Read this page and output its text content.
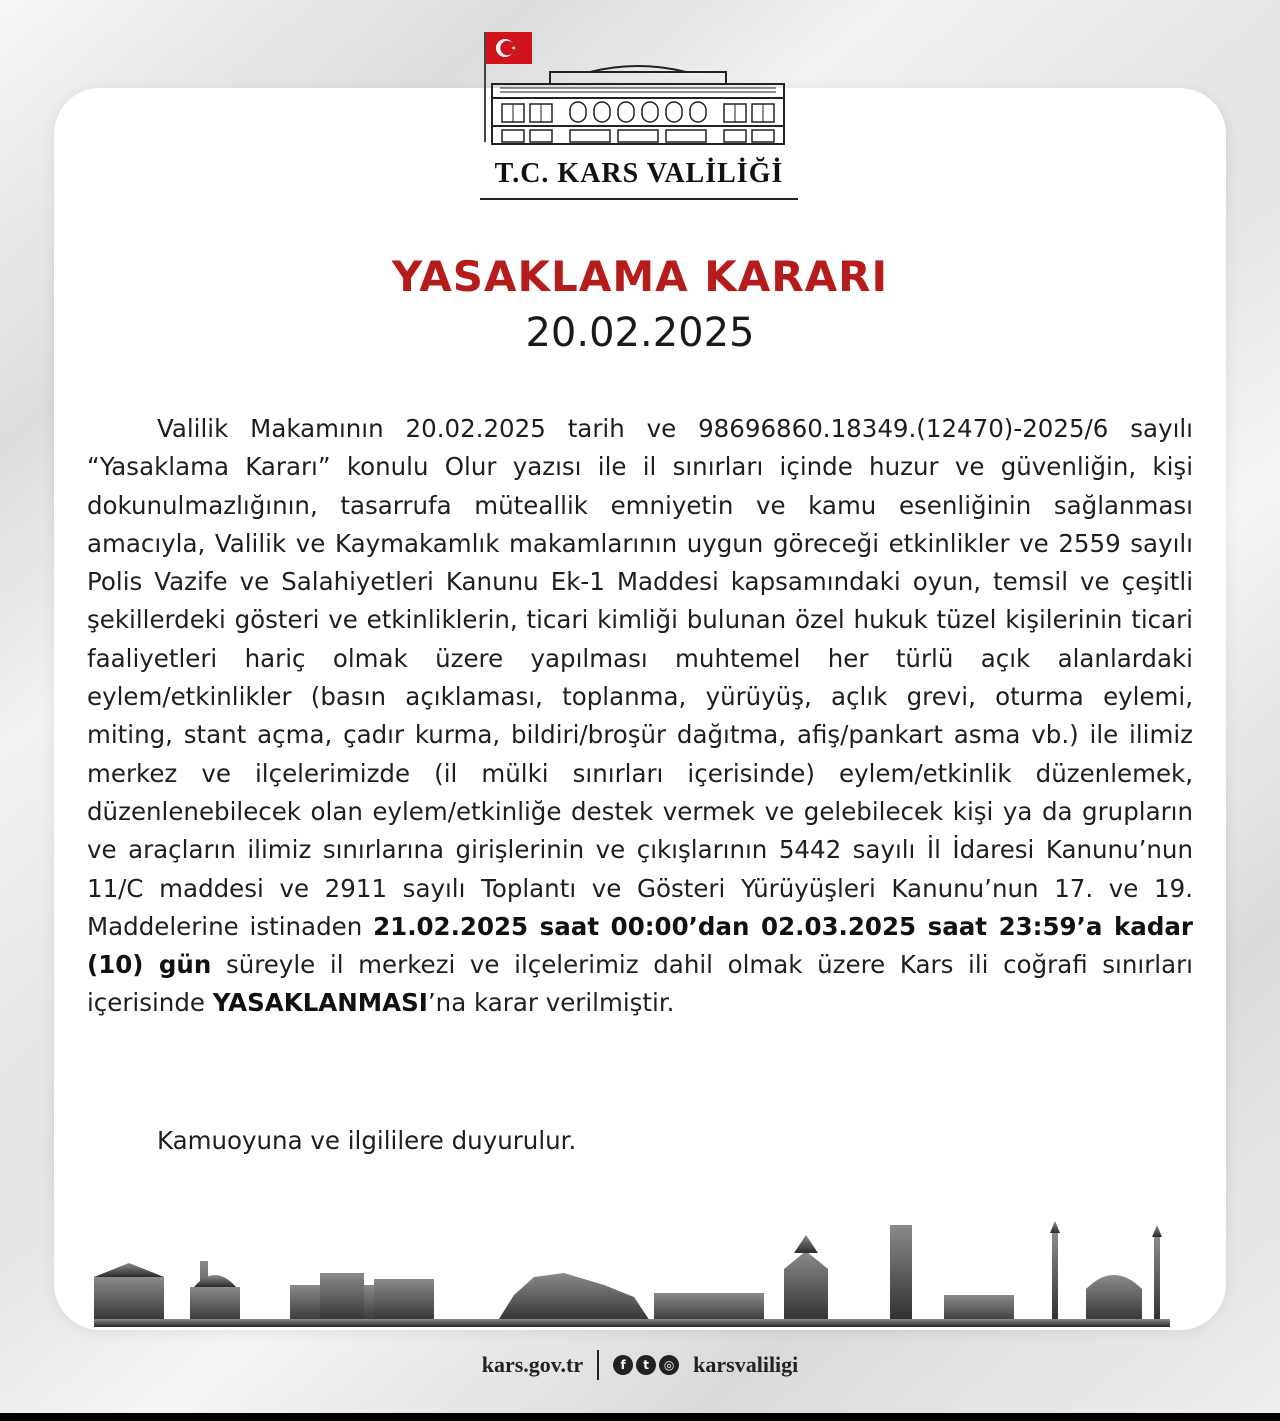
T.C. KARS VALİLİĞİ
YASAKLAMA KARARI
20.02.2025
Valilik Makamının 20.02.2025 tarih ve 98696860.18349.(12470)-2025/6 sayılı “Yasaklama Kararı” konulu Olur yazısı ile il sınırları içinde huzur ve güvenliğin, kişi dokunulmazlığının, tasarrufa müteallik emniyetin ve kamu esenliğinin sağlanması amacıyla, Valilik ve Kaymakamlık makamlarının uygun göreceği etkinlikler ve 2559 sayılı Polis Vazife ve Salahiyetleri Kanunu Ek-1 Maddesi kapsamındaki oyun, temsil ve çeşitli şekillerdeki gösteri ve etkinliklerin, ticari kimliği bulunan özel hukuk tüzel kişilerinin ticari faaliyetleri hariç olmak üzere yapılması muhtemel her türlü açık alanlardaki eylem/etkinlikler (basın açıklaması, toplanma, yürüyüş, açlık grevi, oturma eylemi, miting, stant açma, çadır kurma, bildiri/broşür dağıtma, afiş/pankart asma vb.) ile ilimiz merkez ve ilçelerimizde (il mülki sınırları içerisinde) eylem/etkinlik düzenlemek, düzenlenebilecek olan eylem/etkinliğe destek vermek ve gelebilecek kişi ya da grupların ve araçların ilimiz sınırlarına girişlerinin ve çıkışlarının 5442 sayılı İl İdaresi Kanunu’nun 11/C maddesi ve 2911 sayılı Toplantı ve Gösteri Yürüyüşleri Kanunu’nun 17. ve 19. Maddelerine istinaden 21.02.2025 saat 00:00’dan 02.03.2025 saat 23:59’a kadar (10) gün süreyle il merkezi ve ilçelerimiz dahil olmak üzere Kars ili coğrafi sınırları içerisinde YASAKLANMASI’na karar verilmiştir.
Kamuoyuna ve ilgililere duyurulur.
kars.gov.tr	f	t	◎ karsvaliligi
